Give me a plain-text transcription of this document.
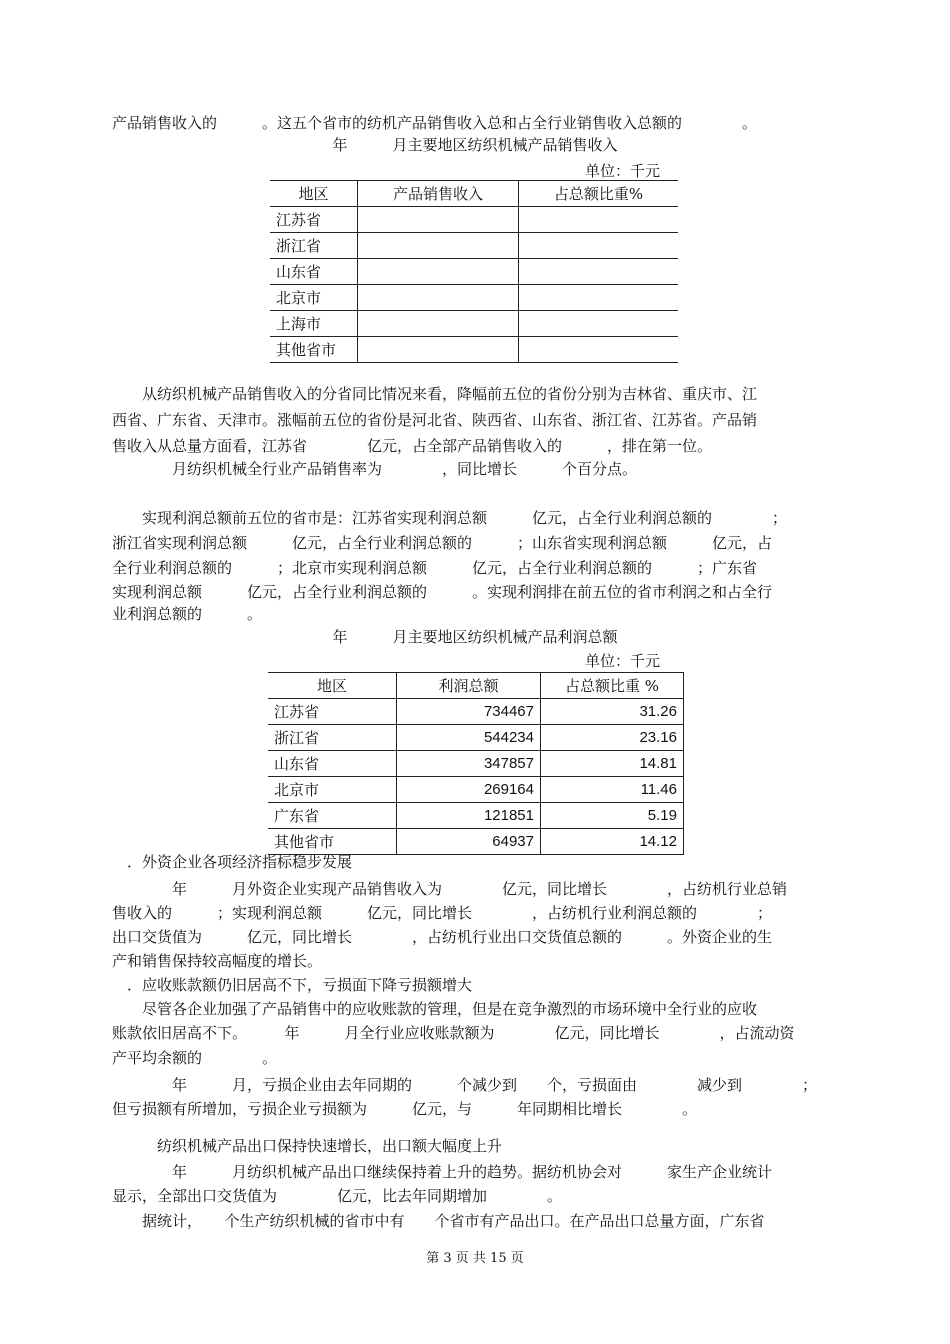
产品销售收入的　　　。这五个省市的纺机产品销售收入总和占全行业销售收入总额的　　　　。
年　　　月主要地区纺织机械产品销售收入
单位：千元
地区	产品销售收入	占总额比重%
江苏省		
浙江省		
山东省		
北京市		
上海市		
其他省市		
　　从纺织机械产品销售收入的分省同比情况来看，降幅前五位的省份分别为吉林省、重庆市、江
西省、广东省、天津市。涨幅前五位的省份是河北省、陕西省、山东省、浙江省、江苏省。产品销
售收入从总量方面看，江苏省　　　　亿元，占全部产品销售收入的　　　，排在第一位。
　　　　月纺织机械全行业产品销售率为　　　　，同比增长　　　个百分点。
　　实现利润总额前五位的省市是：江苏省实现利润总额　　　亿元，占全行业利润总额的　　　　；
浙江省实现利润总额　　　亿元，占全行业利润总额的　　　；山东省实现利润总额　　　亿元，占
全行业利润总额的　　　；北京市实现利润总额　　　亿元，占全行业利润总额的　　　；广东省
实现利润总额　　　亿元，占全行业利润总额的　　　。实现利润排在前五位的省市利润之和占全行
业利润总额的　　　。
年　　　月主要地区纺织机械产品利润总额
单位：千元
地区	利润总额	占总额比重 %
江苏省	734467	31.26
浙江省	544234	23.16
山东省	347857	14.81
北京市	269164	11.46
广东省	121851	5.19
其他省市	64937	14.12
　．外资企业各项经济指标稳步发展
　　　　年　　　月外资企业实现产品销售收入为　　　　亿元，同比增长　　　　，占纺机行业总销
售收入的　　　；实现利润总额　　　亿元，同比增长　　　　，占纺机行业利润总额的　　　　；
出口交货值为　　　亿元，同比增长　　　　，占纺机行业出口交货值总额的　　　。外资企业的生
产和销售保持较高幅度的增长。
　．应收账款额仍旧居高不下，亏损面下降亏损额增大
　　尽管各企业加强了产品销售中的应收账款的管理，但是在竞争激烈的市场环境中全行业的应收
账款依旧居高不下。　　　年　　　月全行业应收账款额为　　　　亿元，同比增长　　　　，占流动资
产平均余额的　　　　。
　　　　年　　　月，亏损企业由去年同期的　　　个减少到　　个，亏损面由　　　　减少到　　　　；
但亏损额有所增加，亏损企业亏损额为　　　亿元，与　　　年同期相比增长　　　　。
　　　纺织机械产品出口保持快速增长，出口额大幅度上升
　　　　年　　　月纺织机械产品出口继续保持着上升的趋势。据纺机协会对　　　家生产企业统计
显示，全部出口交货值为　　　　亿元，比去年同期增加　　　　。
　　据统计，　　个生产纺织机械的省市中有　　个省市有产品出口。在产品出口总量方面，广东省
第 3 页 共 15 页
